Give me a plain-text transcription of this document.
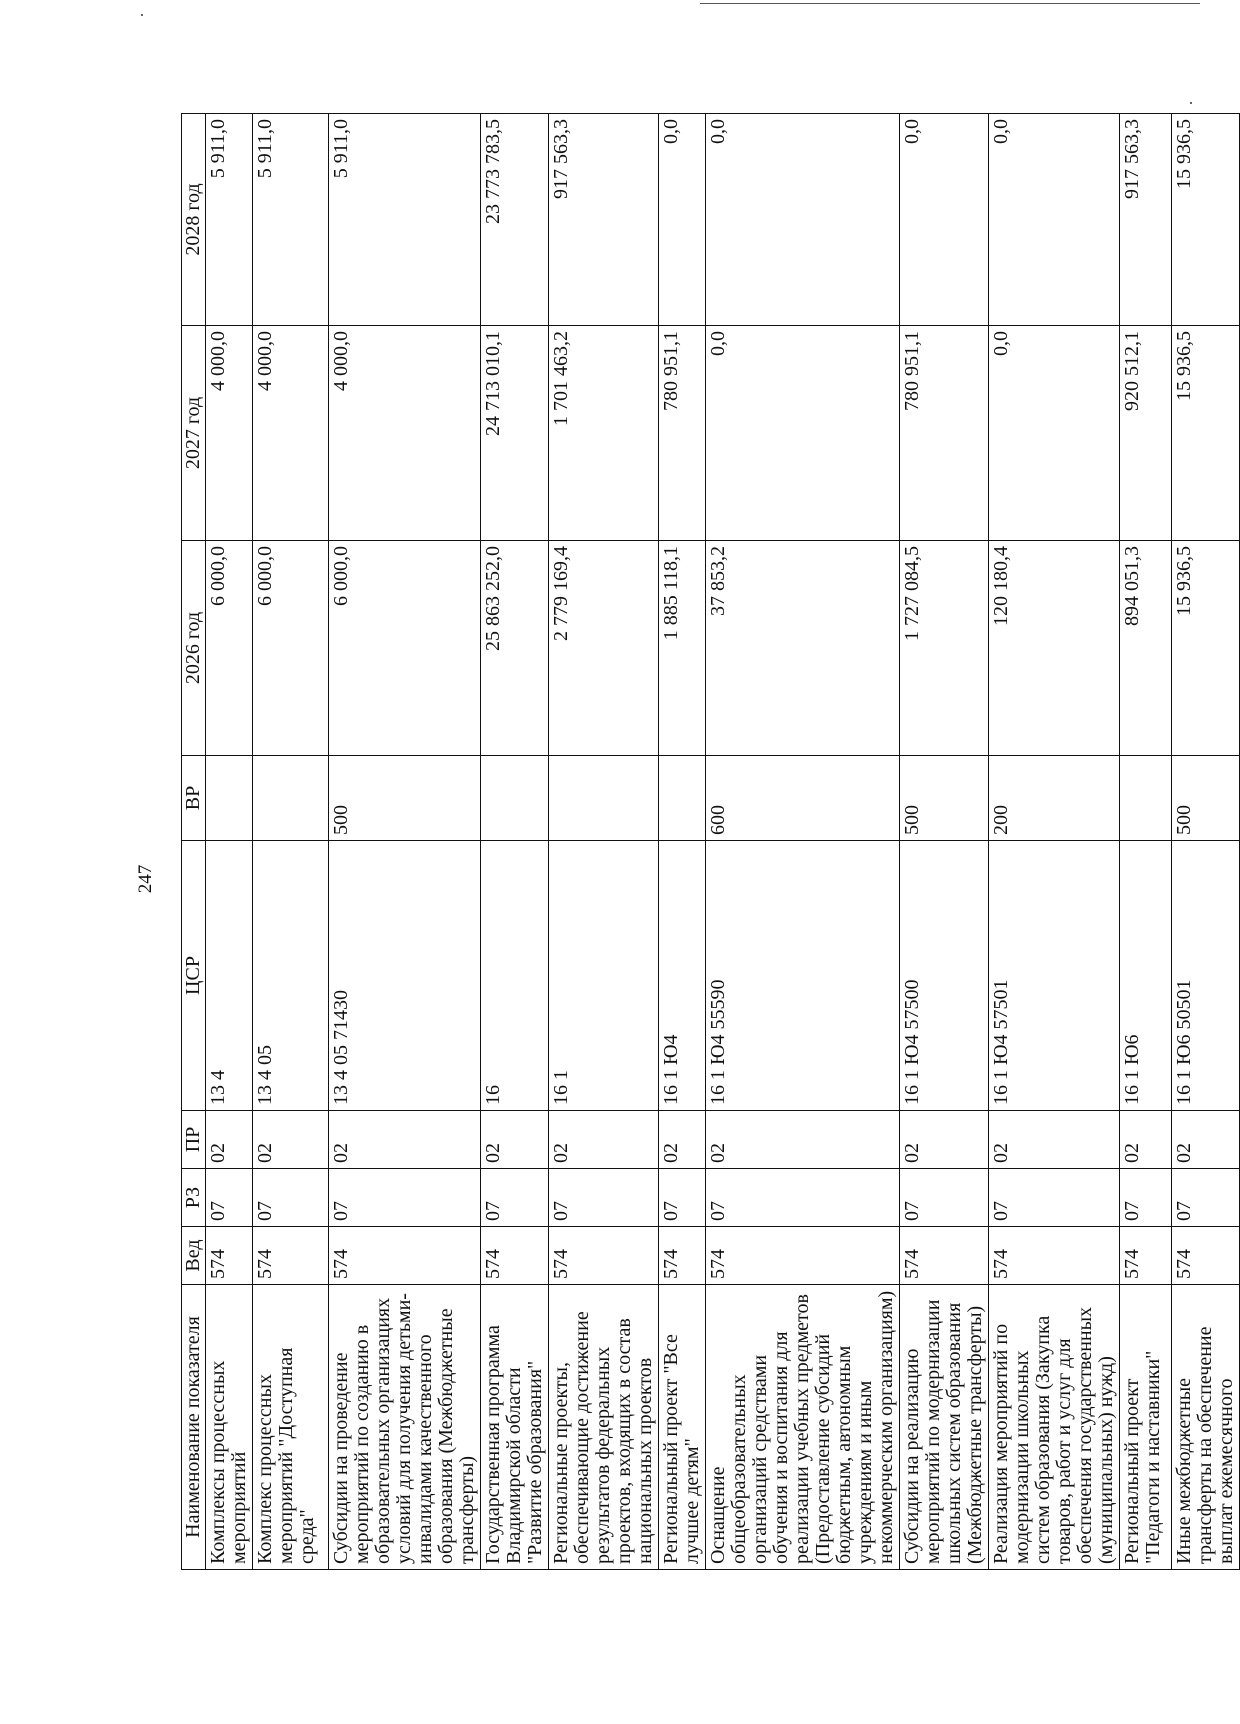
247
Наименование показателя	Вед	РЗ	ПР	ЦСР	ВР	2026 год	2027 год	2028 год
Комплексы процессных мероприятий	574	07	02	13 4		6 000,0	4 000,0	5 911,0
Комплекс процессных мероприятий "Доступная среда"	574	07	02	13 4 05		6 000,0	4 000,0	5 911,0
Субсидии на проведение мероприятий по созданию в образовательных организациях условий для получения детьми-инвалидами качественного образования (Межбюджетные трансферты)	574	07	02	13 4 05 71430	500	6 000,0	4 000,0	5 911,0
Государственная программа Владимирской области "Развитие образования"	574	07	02	16		25 863 252,0	24 713 010,1	23 773 783,5
Региональные проекты, обеспечивающие достижение результатов федеральных проектов, входящих в состав национальных проектов	574	07	02	16 1		2 779 169,4	1 701 463,2	917 563,3
Региональный проект "Все лучшее детям"	574	07	02	16 1 Ю4		1 885 118,1	780 951,1	0,0
Оснащение общеобразовательных организаций средствами обучения и воспитания для реализации учебных предметов (Предоставление субсидий бюджетным, автономным учреждениям и иным некоммерческим организациям)	574	07	02	16 1 Ю4 55590	600	37 853,2	0,0	0,0
Субсидии на реализацию мероприятий по модернизации школьных систем образования (Межбюджетные трансферты)	574	07	02	16 1 Ю4 57500	500	1 727 084,5	780 951,1	0,0
Реализация мероприятий по модернизации школьных систем образования (Закупка товаров, работ и услуг для обеспечения государственных (муниципальных) нужд)	574	07	02	16 1 Ю4 57501	200	120 180,4	0,0	0,0
Региональный проект "Педагоги и наставники"	574	07	02	16 1 Ю6		894 051,3	920 512,1	917 563,3
Иные межбюджетные трансферты на обеспечение выплат ежемесячного	574	07	02	16 1 Ю6 50501	500	15 936,5	15 936,5	15 936,5
